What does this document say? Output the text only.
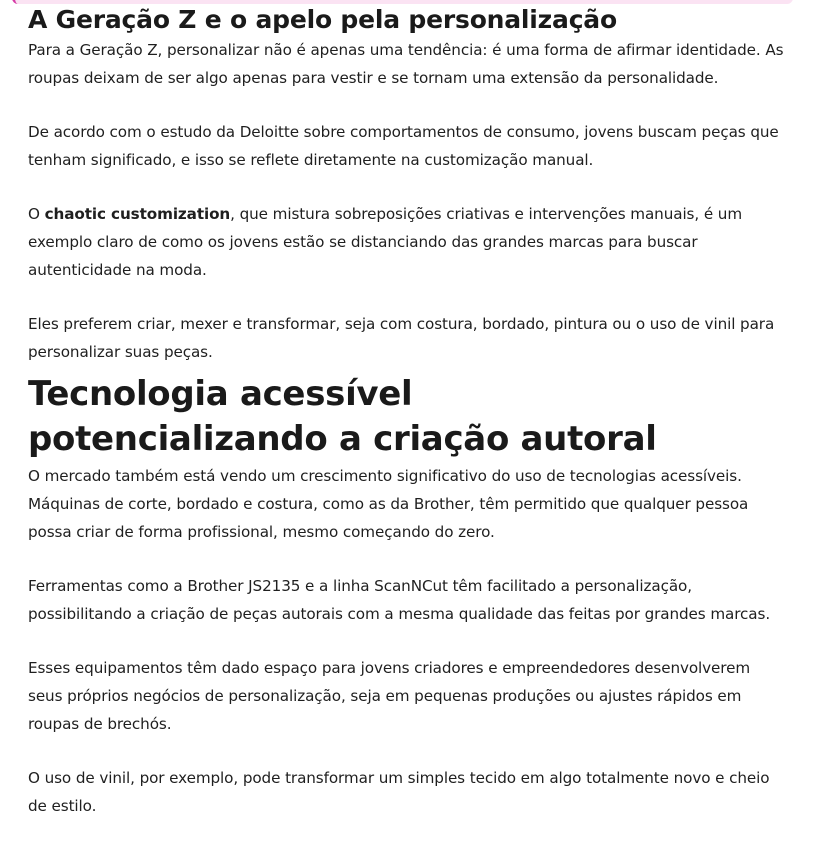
A Geração Z e o apelo pela personalização

Para a Geração Z, personalizar não é apenas uma tendência: é uma forma de afirmar identidade. As roupas deixam de ser algo apenas para vestir e se tornam uma extensão da personalidade.

De acordo com o estudo da Deloitte sobre comportamentos de consumo, jovens buscam peças que tenham significado, e isso se reflete diretamente na customização manual.

O chaotic customization, que mistura sobreposições criativas e intervenções manuais, é um exemplo claro de como os jovens estão se distanciando das grandes marcas para buscar autenticidade na moda.

Eles preferem criar, mexer e transformar, seja com costura, bordado, pintura ou o uso de vinil para personalizar suas peças.

Tecnologia acessível potencializando a criação autoral

O mercado também está vendo um crescimento significativo do uso de tecnologias acessíveis. Máquinas de corte, bordado e costura, como as da Brother, têm permitido que qualquer pessoa possa criar de forma profissional, mesmo começando do zero.

Ferramentas como a Brother JS2135 e a linha ScanNCut têm facilitado a personalização, possibilitando a criação de peças autorais com a mesma qualidade das feitas por grandes marcas.

Esses equipamentos têm dado espaço para jovens criadores e empreendedores desenvolverem seus próprios negócios de personalização, seja em pequenas produções ou ajustes rápidos em roupas de brechós.

O uso de vinil, por exemplo, pode transformar um simples tecido em algo totalmente novo e cheio de estilo.
